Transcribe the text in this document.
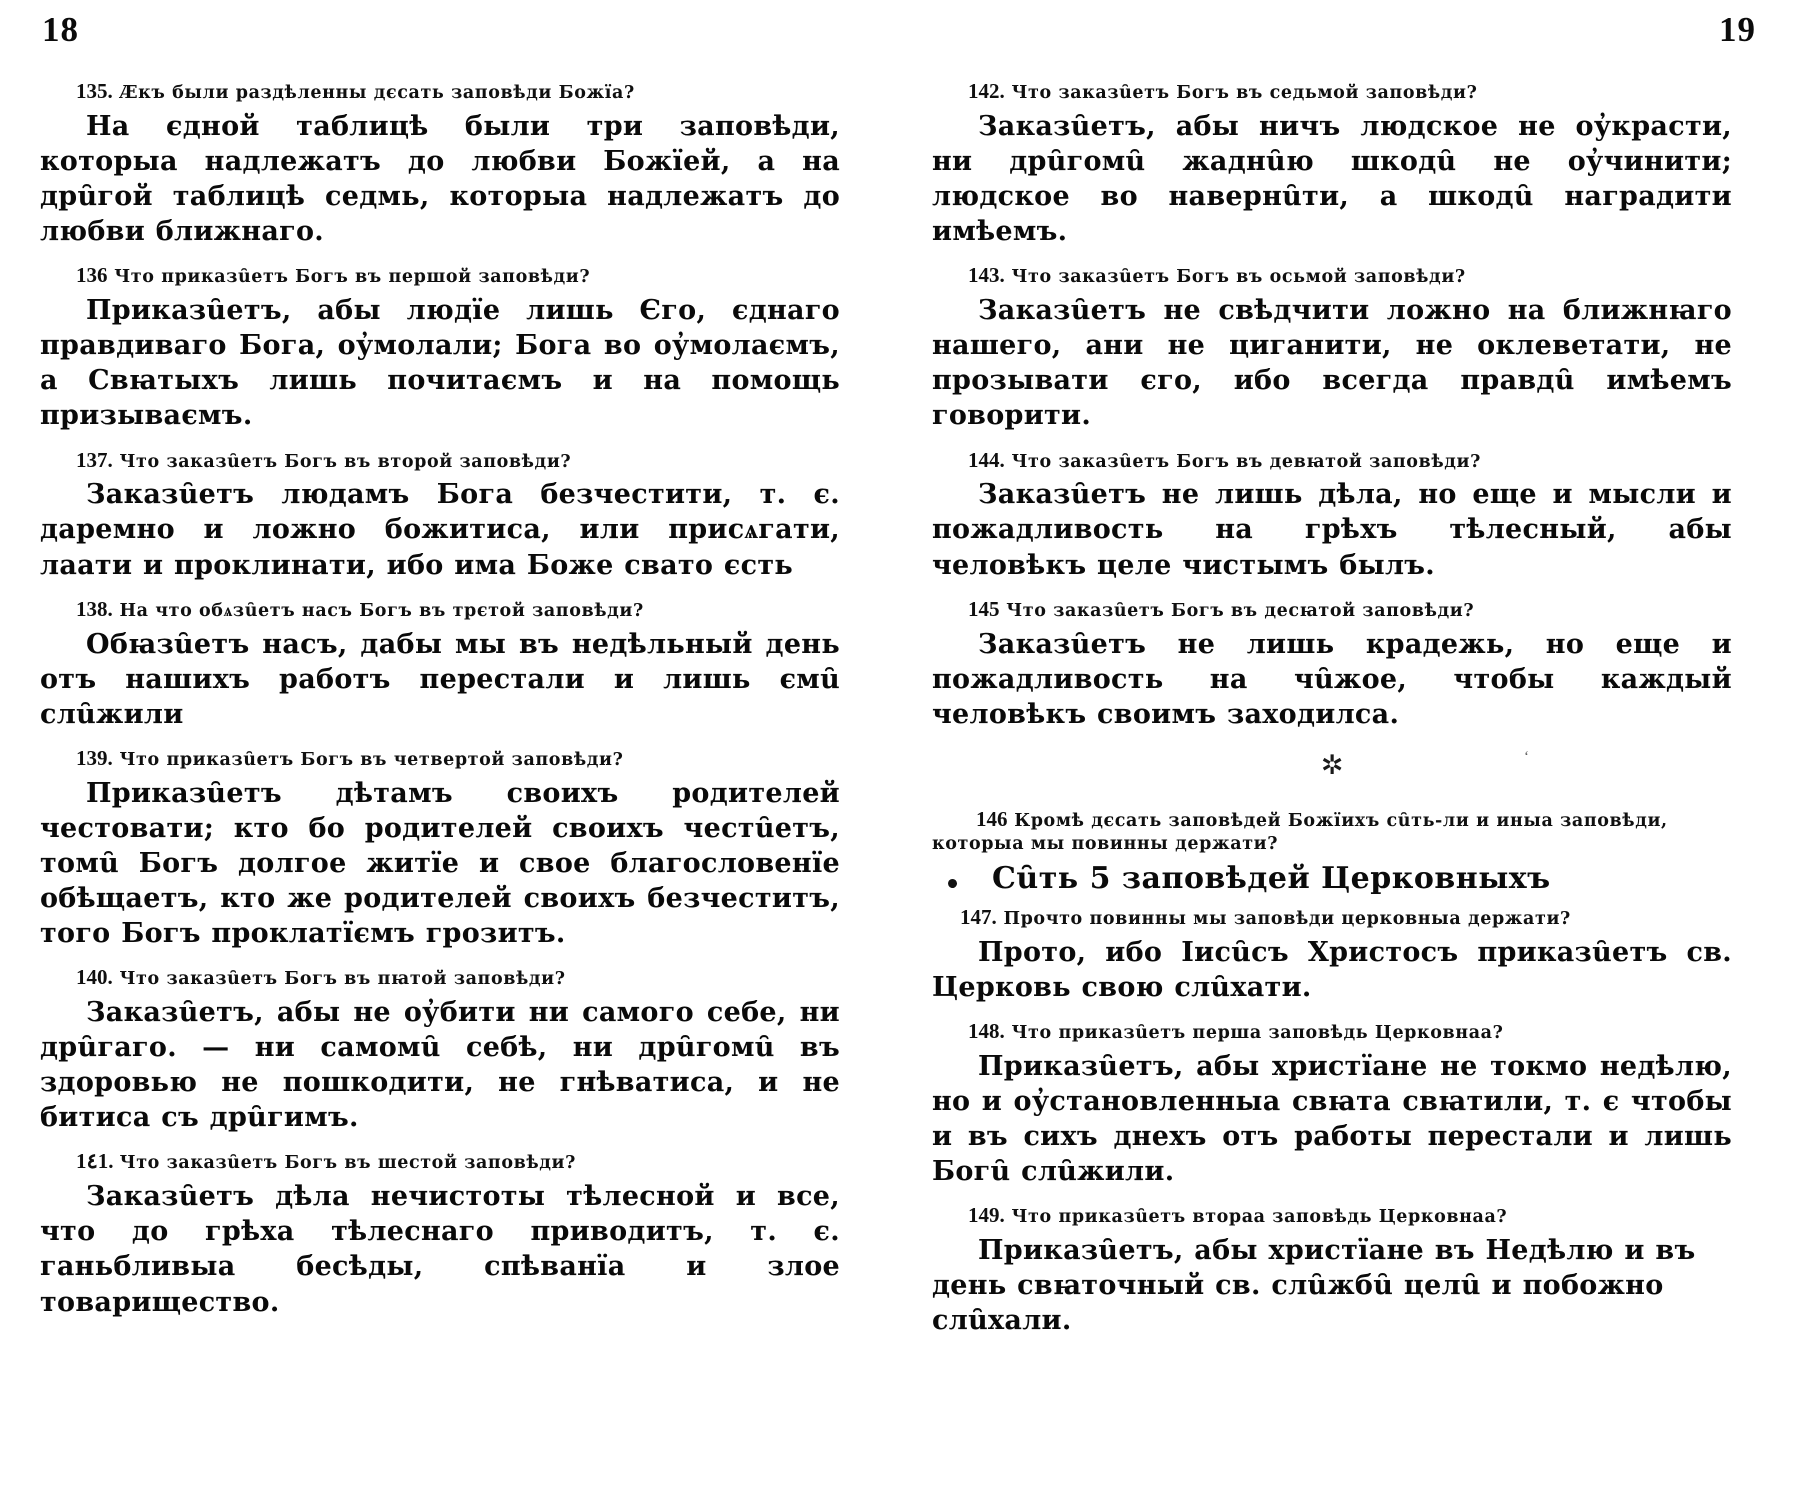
18	19

135. Ӕкъ были раздѣленны дєсать заповѣди Божїа?

На єдной таблицѣ были три заповѣди, которыа надлежатъ до любви Божїей, а на дрȗгой таблицѣ седмь, которыа надлежатъ до любви ближнаго.

136 Что приказȗетъ Богъ въ першой заповѣди?

Приказȗетъ, абы людїе лишь Єго, єднаго правдиваго Бога, оу̓молали; Бога во оу̓молаємъ, а Свꙗтыхъ лишь почитаємъ и на помощь призываємъ.

137. Что заказȗетъ Богъ въ второй заповѣди?

Заказȗетъ людамъ Бога безчестити, т. є. даремно и ложно божитиса, или присѧгати, лаати и проклинати, ибо има Боже свато єсть

138. На что обѧзȗетъ насъ Богъ въ трєтой заповѣди?

Обꙗзȗетъ насъ, дабы мы въ недѣльный день отъ нашихъ работъ перестали и лишь ємȗ слȗжили

139. Что приказȗетъ Богъ въ четвертой заповѣди?

Приказȗетъ дѣтамъ своихъ родителей честовати; кто бо родителей своихъ честȗетъ, томȗ Богъ долгое житїе и свое благословенїе обѣщаетъ, кто же родителей своихъ безчеститъ, того Богъ проклатїємъ грозитъ.

140. Что заказȗетъ Богъ въ пꙗтой заповѣди?

Заказȗетъ, абы не оу̓бити ни самого себе, ни дрȗгаго. — ни самомȗ себѣ, ни дрȗгомȗ въ здоровью не пошкодити, не гнѣватиса, и не битиса съ дрȗгимъ.

1٤1. Что заказȗетъ Богъ въ шестой заповѣди?

Заказȗетъ дѣла нечистоты тѣлесной и все, что до грѣха тѣлеснаго приводитъ, т. є. ганьбливыа бесѣды, спѣванїа и злое товарищество.

142. Что заказȗетъ Богъ въ седьмой заповѣди?

Заказȗетъ, абы ничъ людское не оу̓красти, ни дрȗгомȗ жаднȗю шкодȗ не оу̓чинити; людское во навернȗти, а шкодȗ наградити имѣемъ.

143. Что заказȗетъ Богъ въ осьмой заповѣди?

Заказȗетъ не свѣдчити ложно на ближнꙗго нашего, ани не циганити, не оклеветати, не прозывати єго, ибо всегда правдȗ имѣемъ говорити.

144. Что заказȗетъ Богъ въ девꙗтой заповѣди?

Заказȗетъ не лишь дѣла, но еще и мысли и пожадливость на грѣхъ тѣлесный, абы человѣкъ целе чистымъ былъ.

145 Что заказȗетъ Богъ въ десꙗтой заповѣди?

Заказȗетъ не лишь крадежь, но еще и пожадливость на чȗжое, чтобы каждый человѣкъ своимъ заходилса.

✲	ʻ

146 Кромѣ дєсать заповѣдей Божїихъ сȗть-ли и иныа заповѣди, которыа мы повинны держати?

Сȗть 5 заповѣдей Церковныхъ

147. Прочто повинны мы заповѣди церковныа держати?

Прото, ибо Іисȗсъ Христосъ приказȗетъ св. Церковь свою слȗхати.

148. Что приказȗетъ перша заповѣдь Церковнаа?

Приказȗетъ, абы христїане не токмо недѣлю, но и оу̓становленныа свꙗта свꙗтили, т. є чтобы и въ сихъ днехъ отъ работы перестали и лишь Богȗ слȗжили.

149. Что приказȗетъ втораа заповѣдь Церковнаа?

Приказȗетъ, абы христїане въ Недѣлю и въ день свꙗточный св. слȗжбȗ целȗ и побожно слȗхали.
